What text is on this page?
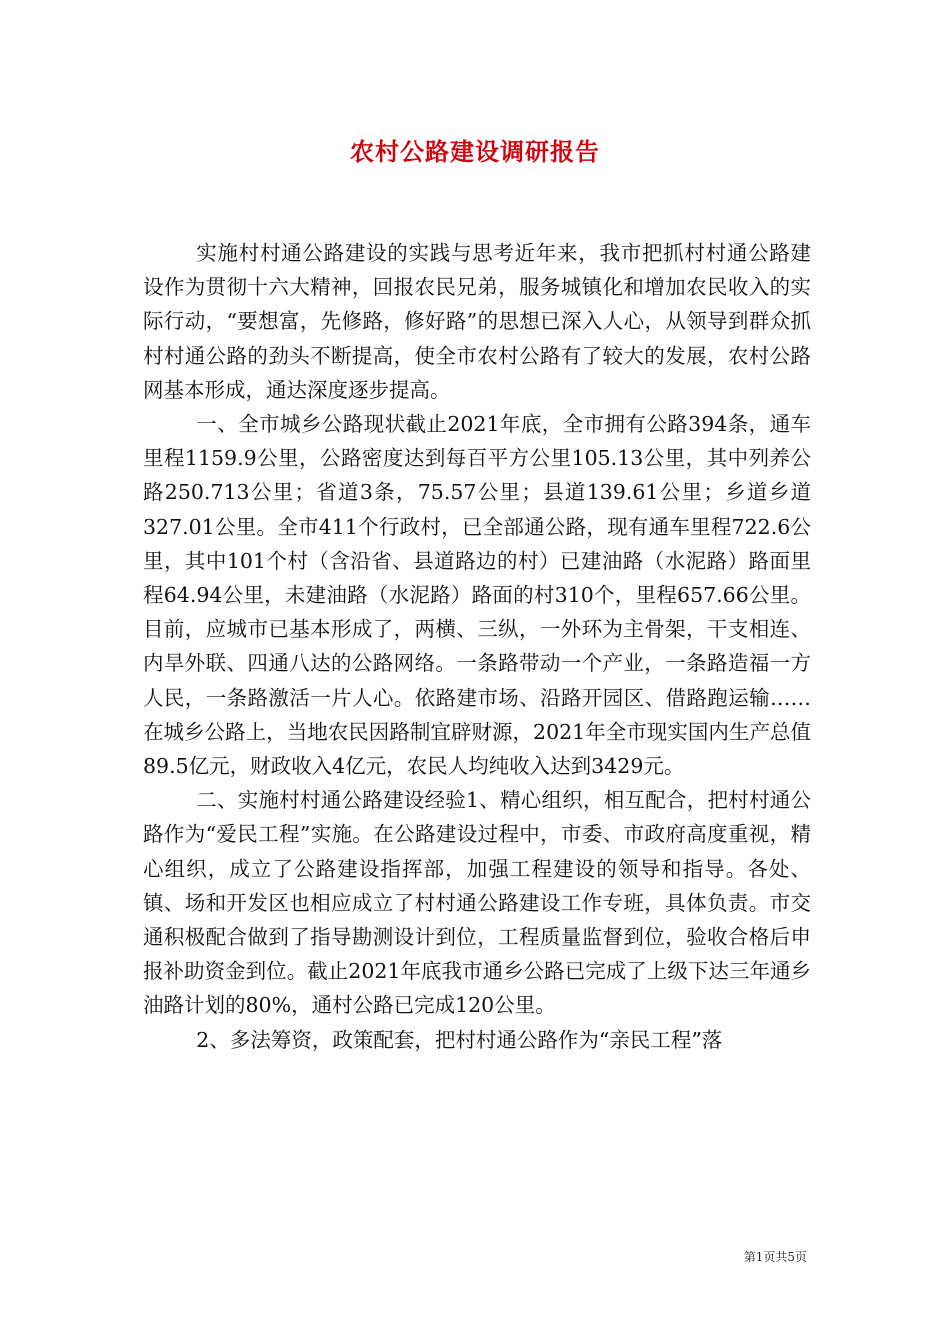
农村公路建设调研报告

实施村村通公路建设的实践与思考近年来，我市把抓村村通公路建设作为贯彻十六大精神，回报农民兄弟，服务城镇化和增加农民收入的实际行动，“要想富，先修路，修好路”的思想已深入人心，从领导到群众抓村村通公路的劲头不断提高，使全市农村公路有了较大的发展，农村公路网基本形成，通达深度逐步提高。

一、全市城乡公路现状截止2021年底，全市拥有公路394条，通车里程1159.9公里，公路密度达到每百平方公里105.13公里，其中列养公路250.713公里；省道3条，75.57公里；县道139.61公里；乡道乡道327.01公里。全市411个行政村，已全部通公路，现有通车里程722.6公里，其中101个村（含沿省、县道路边的村）已建油路（水泥路）路面里程64.94公里，未建油路（水泥路）路面的村310个，里程657.66公里。目前，应城市已基本形成了，两横、三纵，一外环为主骨架，干支相连、内旱外联、四通八达的公路网络。一条路带动一个产业，一条路造福一方人民，一条路激活一片人心。依路建市场、沿路开园区、借路跑运输……在城乡公路上，当地农民因路制宜辟财源，2021年全市现实国内生产总值89.5亿元，财政收入4亿元，农民人均纯收入达到3429元。

二、实施村村通公路建设经验1、精心组织，相互配合，把村村通公路作为“爱民工程”实施。在公路建设过程中，市委、市政府高度重视，精心组织，成立了公路建设指挥部，加强工程建设的领导和指导。各处、镇、场和开发区也相应成立了村村通公路建设工作专班，具体负责。市交通积极配合做到了指导勘测设计到位，工程质量监督到位，验收合格后申报补助资金到位。截止2021年底我市通乡公路已完成了上级下达三年通乡油路计划的80%，通村公路已完成120公里。

2、多法筹资，政策配套，把村村通公路作为“亲民工程”落

第1页共5页
